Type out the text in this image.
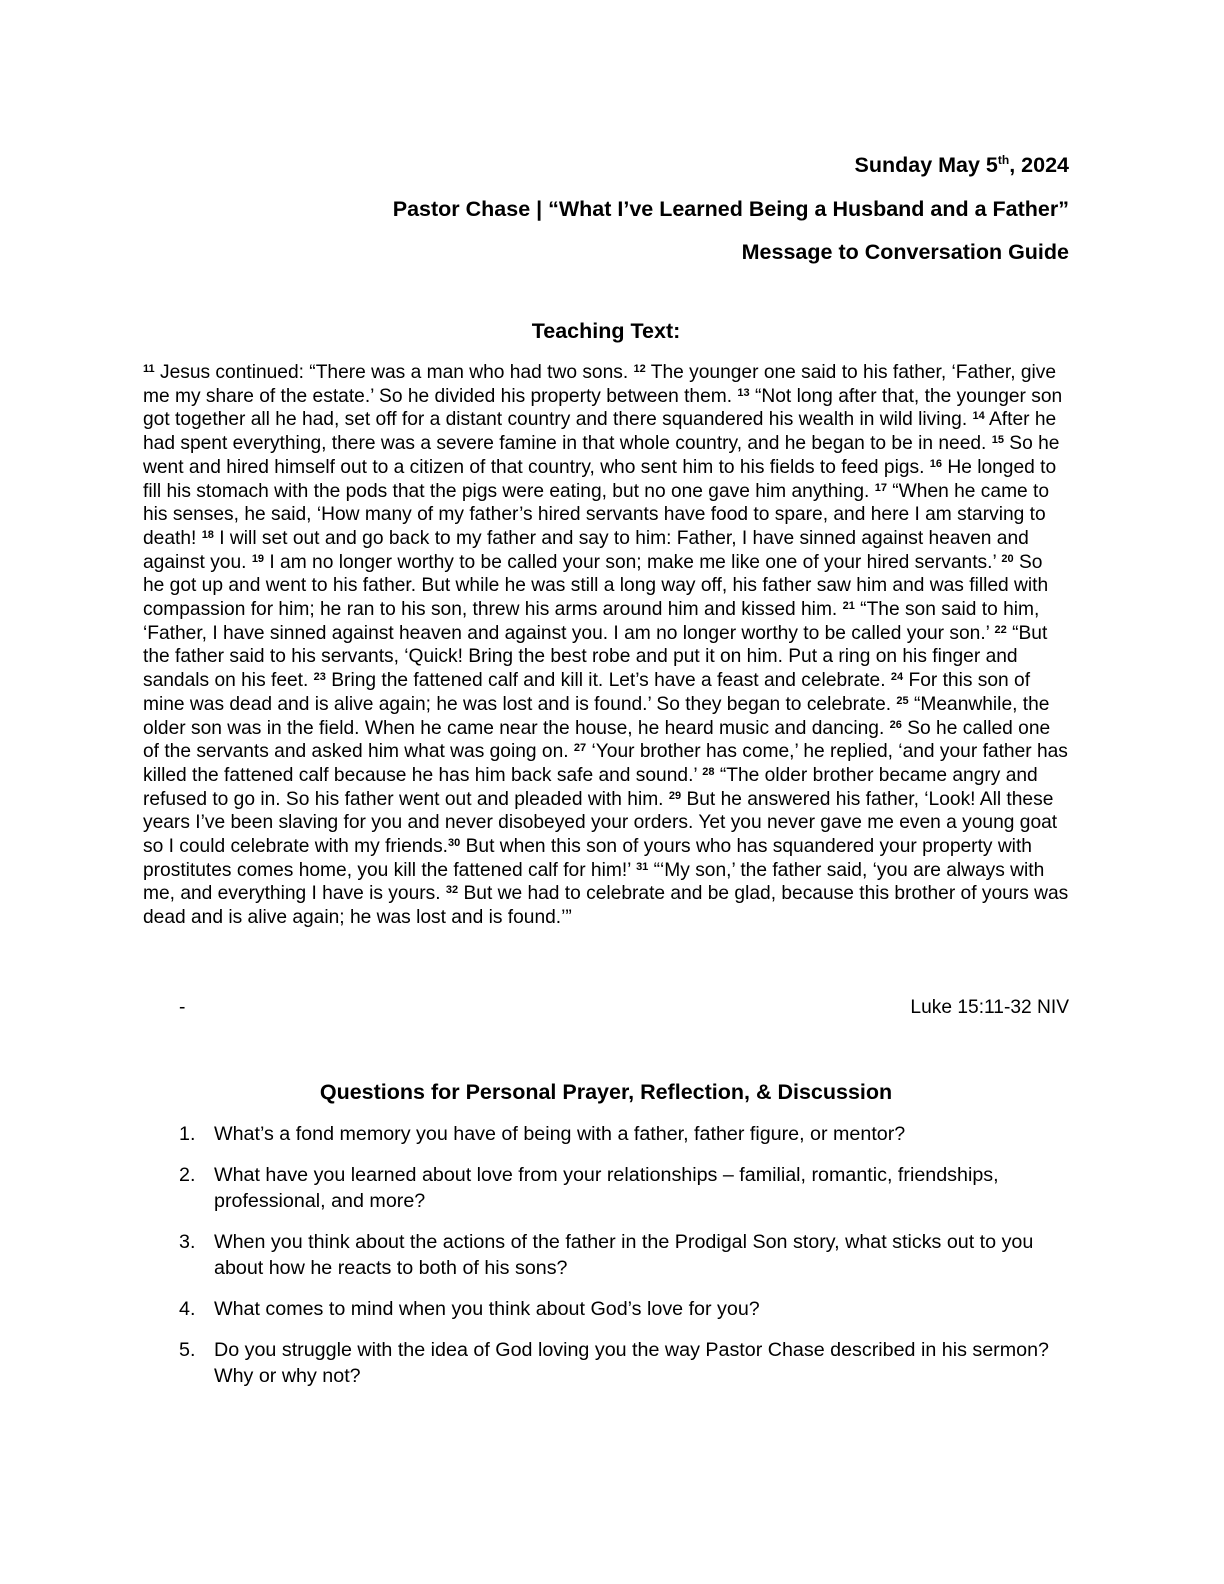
Sunday May 5th, 2024
Pastor Chase | “What I’ve Learned Being a Husband and a Father”
Message to Conversation Guide
Teaching Text:

$^{11}$ Jesus continued: “There was a man who had two sons. $^{12}$ The younger one said to his father, ‘Father, give me my share of the estate.’ So he divided his property between them. $^{13}$ “Not long after that, the younger son got together all he had, set off for a distant country and there squandered his wealth in wild living. $^{14}$ After he had spent everything, there was a severe famine in that whole country, and he began to be in need. $^{15}$ So he went and hired himself out to a citizen of that country, who sent him to his fields to feed pigs. $^{16}$ He longed to fill his stomach with the pods that the pigs were eating, but no one gave him anything. $^{17}$ “When he came to his senses, he said, ‘How many of my father’s hired servants have food to spare, and here I am starving to death! $^{18}$ I will set out and go back to my father and say to him: Father, I have sinned against heaven and against you. $^{19}$ I am no longer worthy to be called your son; make me like one of your hired servants.’ $^{20}$ So he got up and went to his father. But while he was still a long way off, his father saw him and was filled with compassion for him; he ran to his son, threw his arms around him and kissed him. $^{21}$ “The son said to him, ‘Father, I have sinned against heaven and against you. I am no longer worthy to be called your son.’ $^{22}$ “But the father said to his servants, ‘Quick! Bring the best robe and put it on him. Put a ring on his finger and sandals on his feet. $^{23}$ Bring the fattened calf and kill it. Let’s have a feast and celebrate. $^{24}$ For this son of mine was dead and is alive again; he was lost and is found.’ So they began to celebrate. $^{25}$ “Meanwhile, the older son was in the field. When he came near the house, he heard music and dancing. $^{26}$ So he called one of the servants and asked him what was going on. $^{27}$ ‘Your brother has come,’ he replied, ‘and your father has killed the fattened calf because he has him back safe and sound.’ $^{28}$ “The older brother became angry and refused to go in. So his father went out and pleaded with him. $^{29}$ But he answered his father, ‘Look! All these years I’ve been slaving for you and never disobeyed your orders. Yet you never gave me even a young goat so I could celebrate with my friends.$^{30}$ But when this son of yours who has squandered your property with prostitutes comes home, you kill the fattened calf for him!’ $^{31}$ “‘My son,’ the father said, ‘you are always with me, and everything I have is yours. $^{32}$ But we had to celebrate and be glad, because this brother of yours was dead and is alive again; he was lost and is found.’”

-	Luke 15:11-32 NIV
Questions for Personal Prayer, Reflection, & Discussion
1. What’s a fond memory you have of being with a father, father figure, or mentor?
2. What have you learned about love from your relationships – familial, romantic, friendships, professional, and more?
3. When you think about the actions of the father in the Prodigal Son story, what sticks out to you about how he reacts to both of his sons?
4. What comes to mind when you think about God’s love for you?
5. Do you struggle with the idea of God loving you the way Pastor Chase described in his sermon? Why or why not?
